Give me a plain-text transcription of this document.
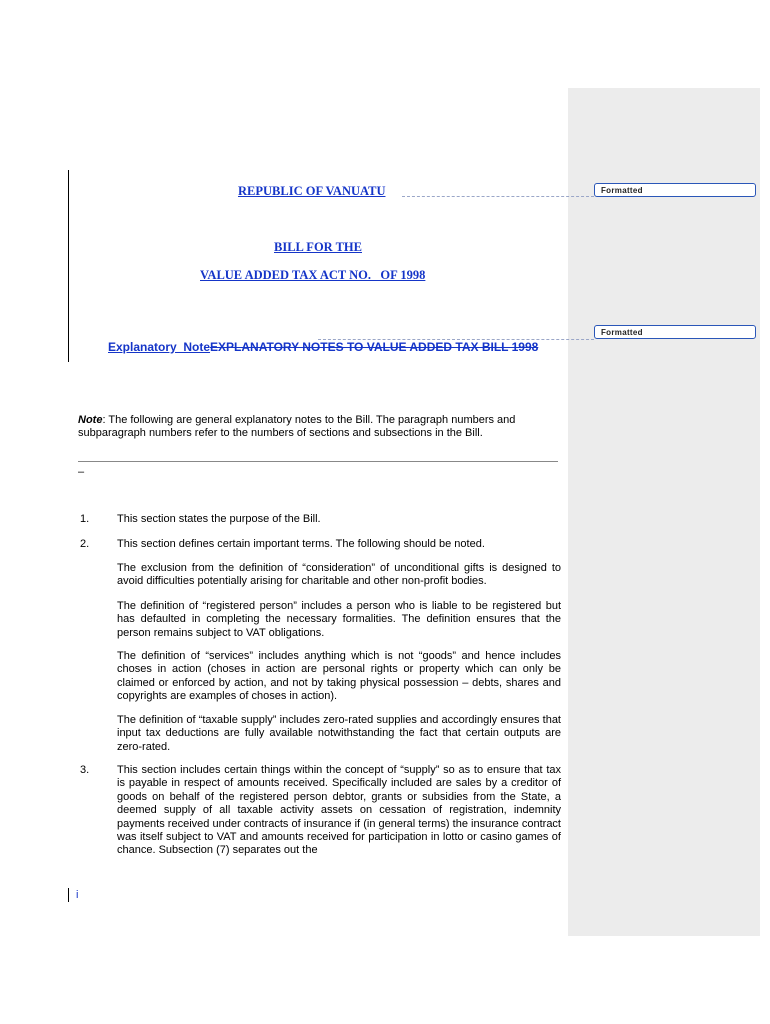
Formatted
Formatted
REPUBLIC OF VANUATU
BILL FOR THE
VALUE ADDED TAX ACT NO.   OF 1998
Explanatory  NoteEXPLANATORY NOTES TO VALUE ADDED TAX BILL 1998
Note: The following are general explanatory notes to the Bill. The paragraph numbers and subparagraph numbers refer to the numbers of sections and subsections in the Bill.
–
1.	This section states the purpose of the Bill.
2.	This section defines certain important terms. The following should be noted.
The exclusion from the definition of “consideration” of unconditional gifts is designed to avoid difficulties potentially arising for charitable and other non-profit bodies.
The definition of “registered person” includes a person who is liable to be registered but has defaulted in completing the necessary formalities. The definition ensures that the person remains subject to VAT obligations.
The definition of “services” includes anything which is not “goods” and hence includes choses in action (choses in action are personal rights or property which can only be claimed or enforced by action, and not by taking physical possession – debts, shares and copyrights are examples of choses in action).
The definition of “taxable supply” includes zero-rated supplies and accordingly ensures that input tax deductions are fully available notwithstanding the fact that certain outputs are zero-rated.
3.	This section includes certain things within the concept of “supply” so as to ensure that tax is payable in respect of amounts received. Specifically included are sales by a creditor of goods on behalf of the registered person debtor, grants or subsidies from the State, a deemed supply of all taxable activity assets on cessation of registration, indemnity payments received under contracts of insurance if (in general terms) the insurance contract was itself subject to VAT and amounts received for participation in lotto or casino games of chance. Subsection (7) separates out the
i
